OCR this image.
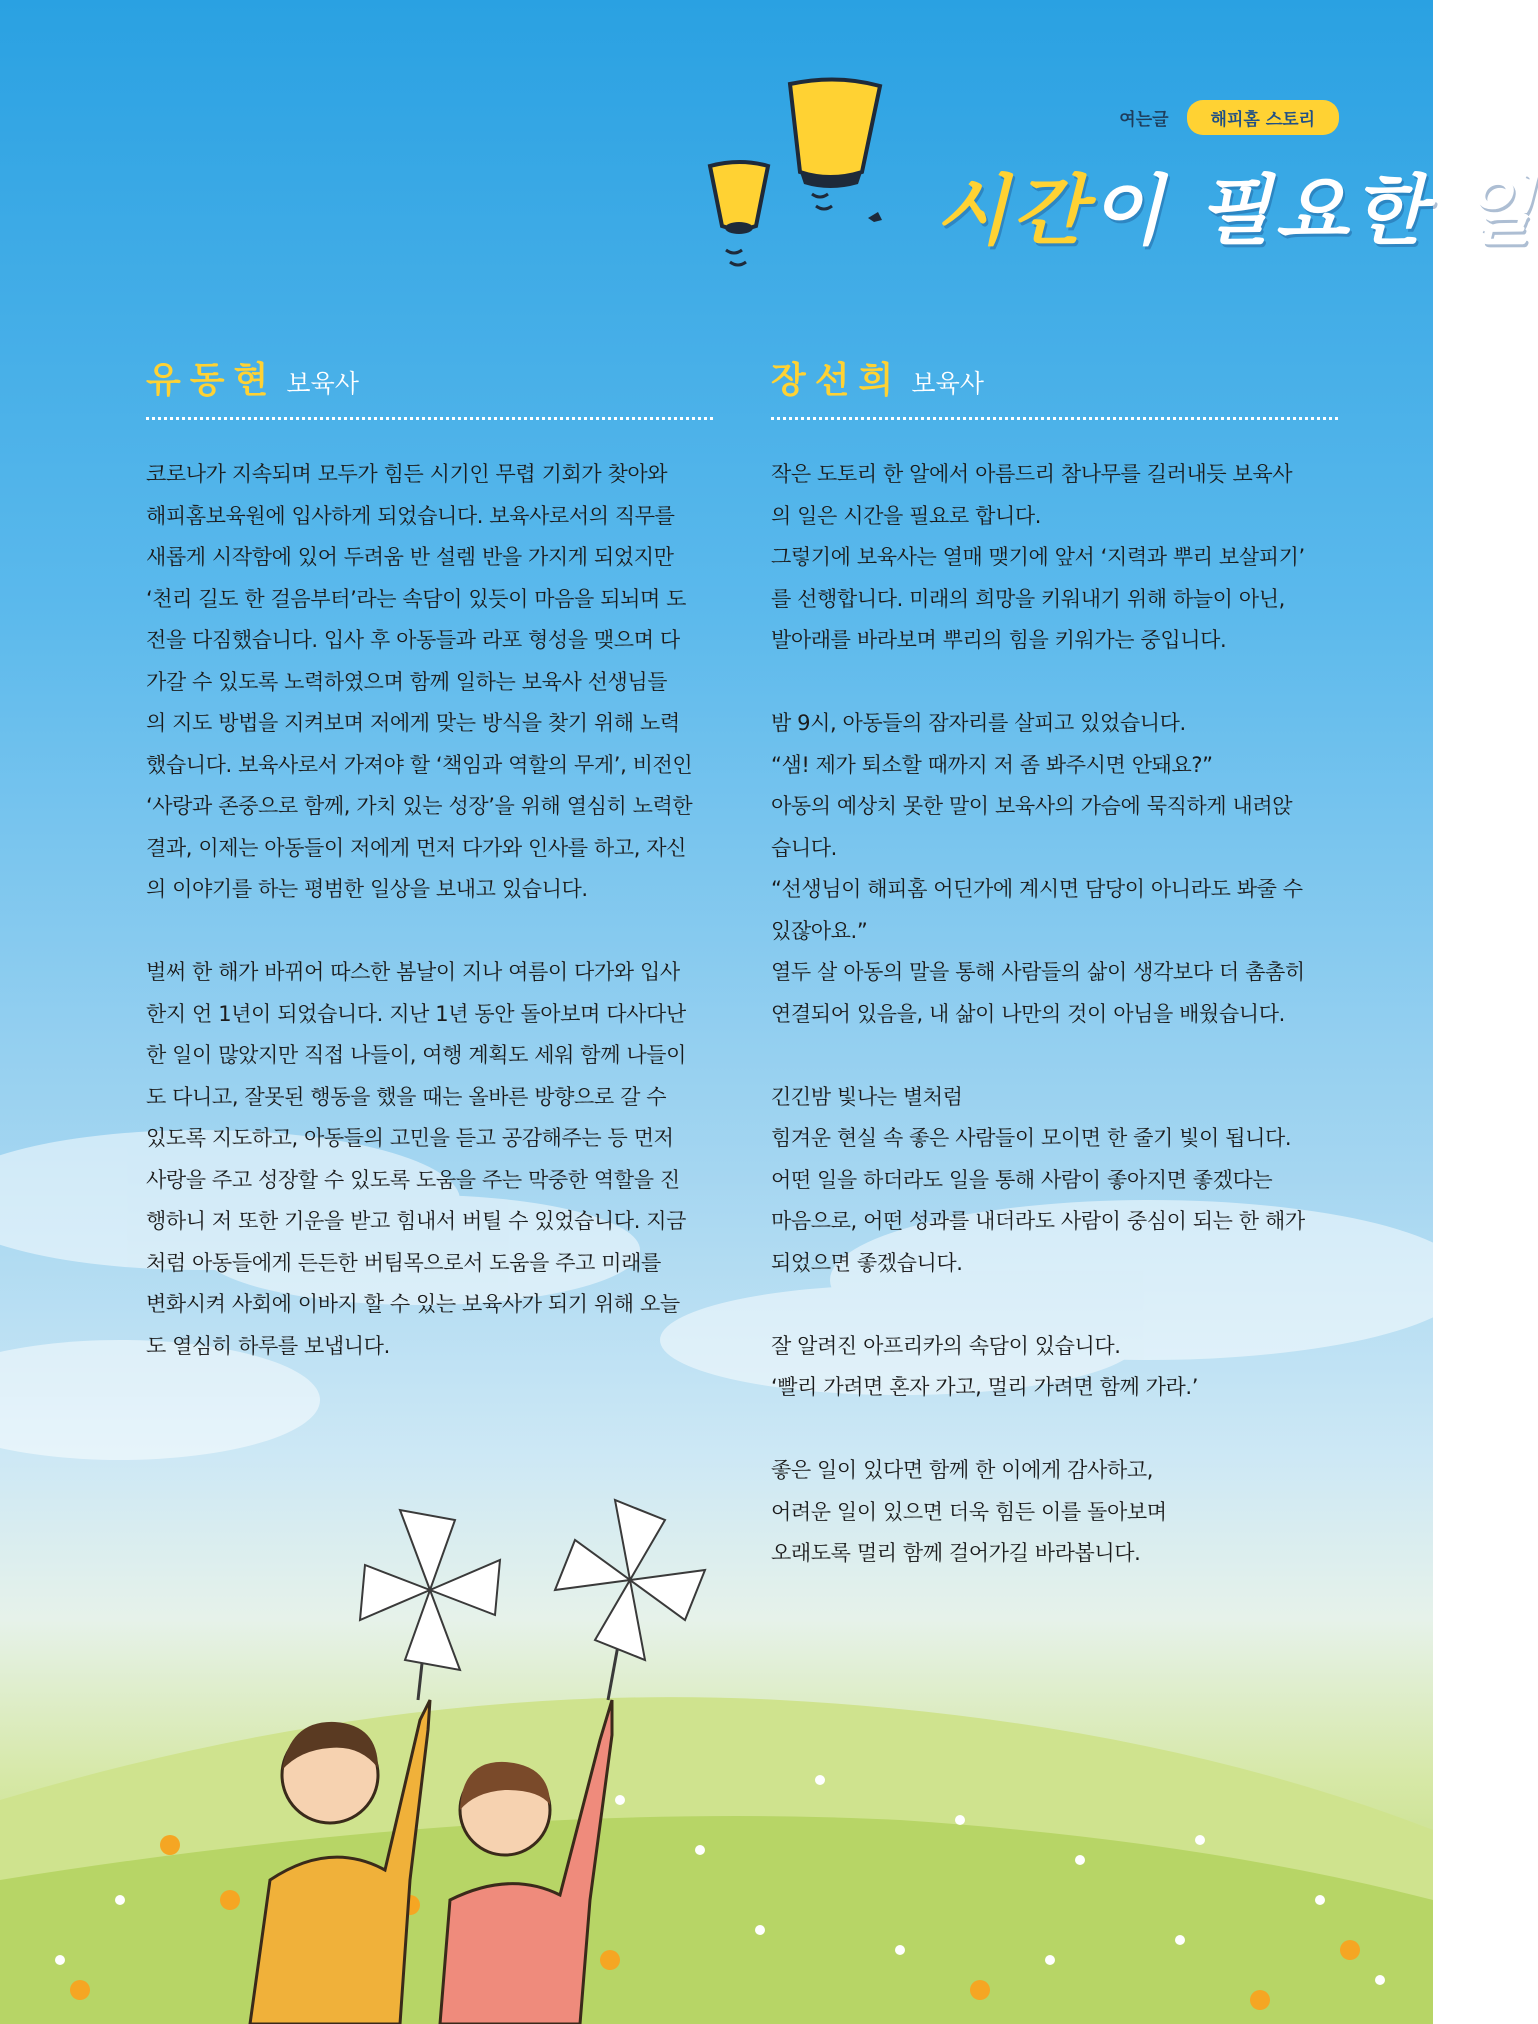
여는글	해피홈 스토리
시간이 필요한 일
유동현 보육사

코로나가 지속되며 모두가 힘든 시기인 무렵 기회가 찾아와
해피홈보육원에 입사하게 되었습니다. 보육사로서의 직무를
새롭게 시작함에 있어 두려움 반 설렘 반을 가지게 되었지만
‘천리 길도 한 걸음부터’라는 속담이 있듯이 마음을 되뇌며 도
전을 다짐했습니다. 입사 후 아동들과 라포 형성을 맺으며 다
가갈 수 있도록 노력하였으며 함께 일하는 보육사 선생님들
의 지도 방법을 지켜보며 저에게 맞는 방식을 찾기 위해 노력
했습니다. 보육사로서 가져야 할 ‘책임과 역할의 무게’, 비전인
‘사랑과 존중으로 함께, 가치 있는 성장’을 위해 열심히 노력한
결과, 이제는 아동들이 저에게 먼저 다가와 인사를 하고, 자신
의 이야기를 하는 평범한 일상을 보내고 있습니다.

벌써 한 해가 바뀌어 따스한 봄날이 지나 여름이 다가와 입사
한지 언 1년이 되었습니다. 지난 1년 동안 돌아보며 다사다난
한 일이 많았지만 직접 나들이, 여행 계획도 세워 함께 나들이
도 다니고, 잘못된 행동을 했을 때는 올바른 방향으로 갈 수
있도록 지도하고, 아동들의 고민을 듣고 공감해주는 등 먼저
사랑을 주고 성장할 수 있도록 도움을 주는 막중한 역할을 진
행하니 저 또한 기운을 받고 힘내서 버틸 수 있었습니다. 지금
처럼 아동들에게 든든한 버팀목으로서 도움을 주고 미래를
변화시켜 사회에 이바지 할 수 있는 보육사가 되기 위해 오늘
도 열심히 하루를 보냅니다.

장선희 보육사

작은 도토리 한 알에서 아름드리 참나무를 길러내듯 보육사
의 일은 시간을 필요로 합니다.
그렇기에 보육사는 열매 맺기에 앞서 ‘지력과 뿌리 보살피기’
를 선행합니다. 미래의 희망을 키워내기 위해 하늘이 아닌,
발아래를 바라보며 뿌리의 힘을 키워가는 중입니다.

밤 9시, 아동들의 잠자리를 살피고 있었습니다.
“샘! 제가 퇴소할 때까지 저 좀 봐주시면 안돼요?”
아동의 예상치 못한 말이 보육사의 가슴에 묵직하게 내려앉
습니다.
“선생님이 해피홈 어딘가에 계시면 담당이 아니라도 봐줄 수
있잖아요.”
열두 살 아동의 말을 통해 사람들의 삶이 생각보다 더 촘촘히
연결되어 있음을, 내 삶이 나만의 것이 아님을 배웠습니다.

긴긴밤 빛나는 별처럼
힘겨운 현실 속 좋은 사람들이 모이면 한 줄기 빛이 됩니다.
어떤 일을 하더라도 일을 통해 사람이 좋아지면 좋겠다는
마음으로, 어떤 성과를 내더라도 사람이 중심이 되는 한 해가
되었으면 좋겠습니다.

잘 알려진 아프리카의 속담이 있습니다.
‘빨리 가려면 혼자 가고, 멀리 가려면 함께 가라.’

좋은 일이 있다면 함께 한 이에게 감사하고,
어려운 일이 있으면 더욱 힘든 이를 돌아보며
오래도록 멀리 함께 걸어가길 바라봅니다.
